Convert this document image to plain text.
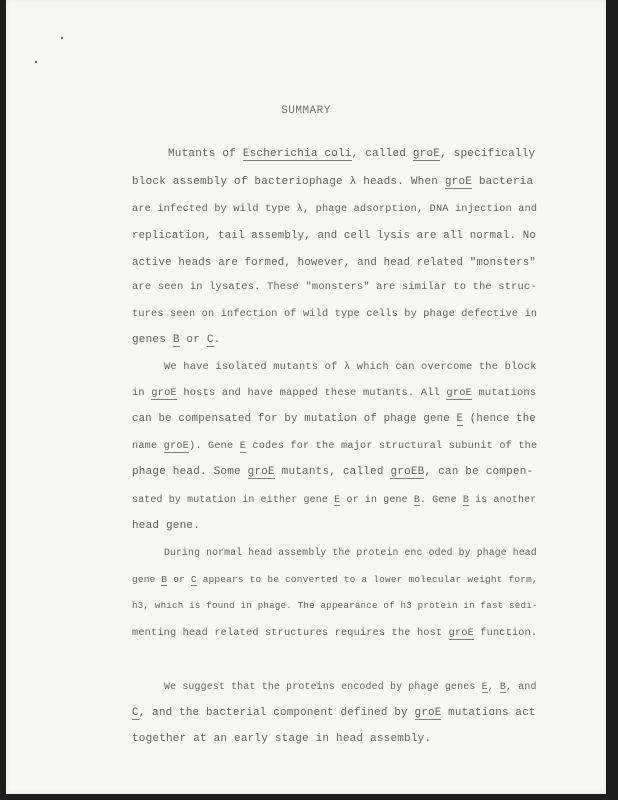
SUMMARY
Mutants of Escherichia coli, called groE, specifically
block assembly of bacteriophage λ heads. When groE bacteria
are infected by wild type λ, phage adsorption, DNA injection and
replication, tail assembly, and cell lysis are all normal. No
active heads are formed, however, and head related "monsters"
are seen in lysates. These "monsters" are similar to the struc-
tures seen on infection of wild type cells by phage defective in
genes B or C.
We have isolated mutants of λ which can overcome the block
in groE hosts and have mapped these mutants. All groE mutations
can be compensated for by mutation of phage gene E (hence the
name groE). Gene E codes for the major structural subunit of the
phage head. Some groE mutants, called groEB, can be compen-
sated by mutation in either gene E or in gene B. Gene B is another
head gene.
During normal head assembly the protein enc oded by phage head
gene B or C appears to be converted to a lower molecular weight form,
h3, which is found in phage. The appearance of h3 protein in fast sedi-
menting head related structures requires the host groE function.
We suggest that the proteins encoded by phage genes E, B, and
C, and the bacterial component defined by groE mutations act
together at an early stage in head assembly.
